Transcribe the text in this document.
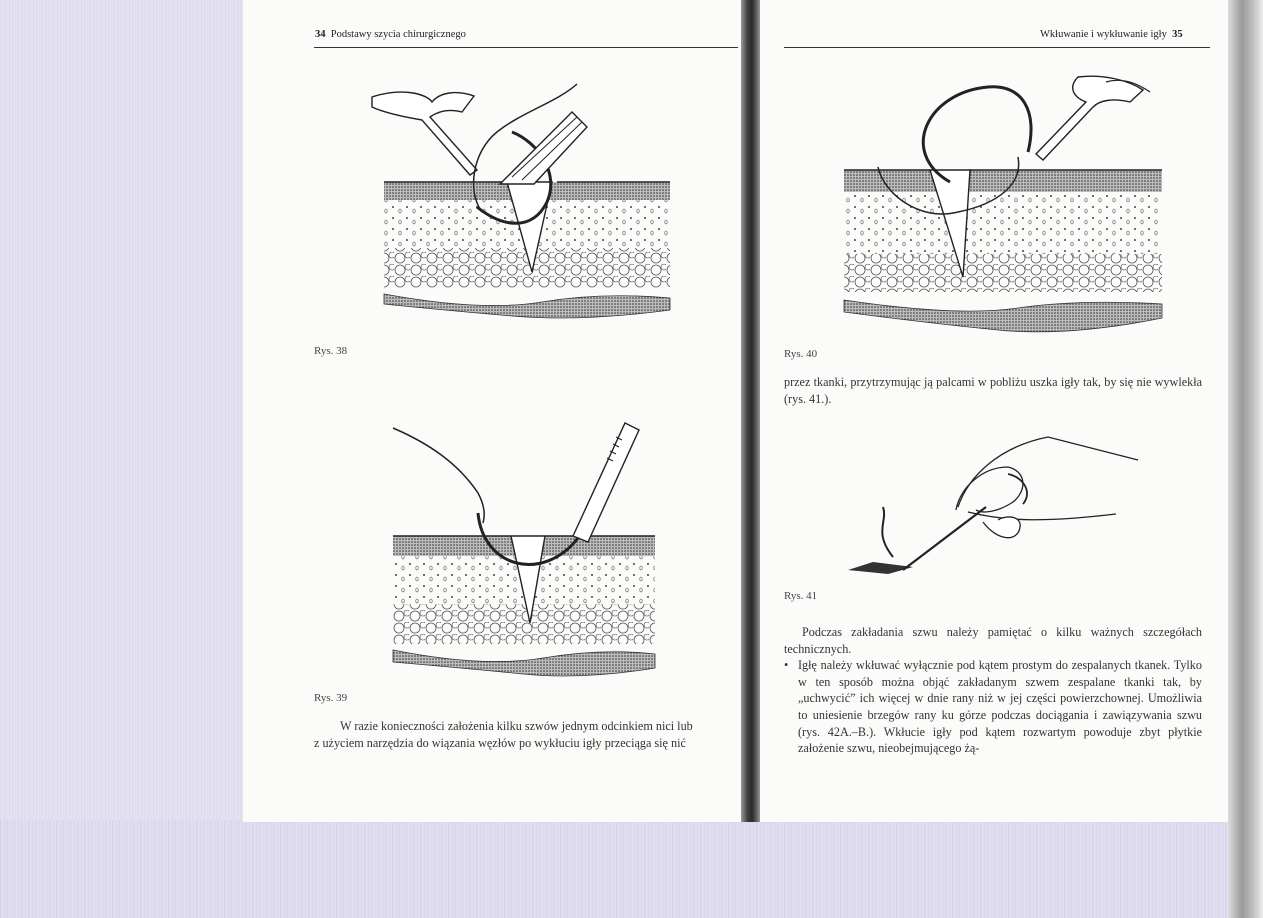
34 Podstawy szycia chirurgicznego
Rys. 38
Rys. 39

W razie konieczności założenia kilku szwów jednym odcinkiem nici lub

z użyciem narzędzia do wiązania węzłów po wykłuciu igły przeciąga się nić

Wkłuwanie i wykłuwanie igły 35
Rys. 40
przez tkanki, przytrzymując ją palcami w pobliżu uszka igły tak, by się nie wywlekła (rys. 41.).
Rys. 41

Podczas zakładania szwu należy pamiętać o kilku ważnych szczegółach technicznych.

• Igłę należy wkłuwać wyłącznie pod kątem prostym do zespalanych tkanek. Tylko w ten sposób można objąć zakładanym szwem zespalane tkanki tak, by „uchwycić” ich więcej w dnie rany niż w jej części powierzchownej. Umożliwia to uniesienie brzegów rany ku górze podczas dociągania i zawiązywania szwu (rys. 42A.–B.). Wkłucie igły pod kątem rozwartym powoduje zbyt płytkie założenie szwu, nieobejmującego żą-
